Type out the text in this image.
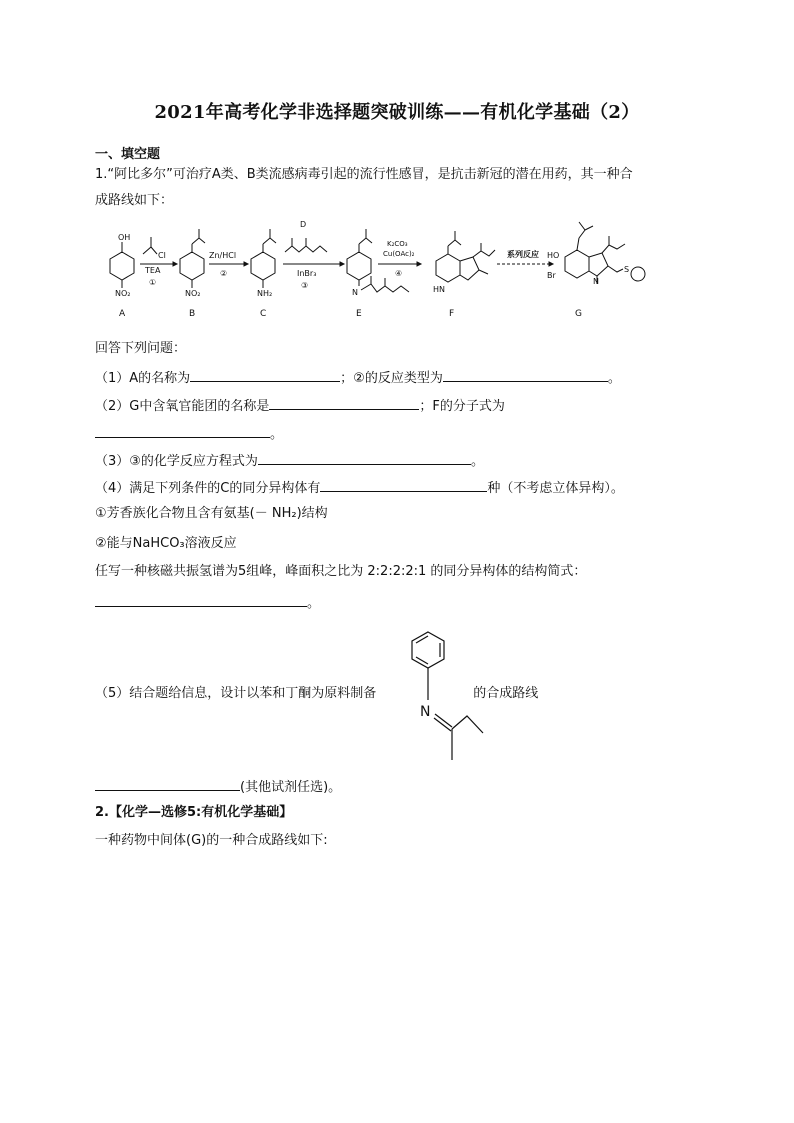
2021年高考化学非选择题突破训练——有机化学基础（2）
一、填空题
1.“阿比多尔”可治疗A类、B类流感病毒引起的流行性感冒，是抗击新冠的潜在用药，其一种合
成路线如下：
OH
NO₂
A
Cl
TEA
①
NO₂
B
Zn/HCl
②
NH₂
C
D
InBr₃
③
N
E
K₂CO₃
Cu(OAc)₂
④
HN
F
系列反应 HO
Br
N
S
G
回答下列问题：
（1）A的名称为	；②的反应类型为	。
（2）G中含氧官能团的名称是	；F的分子式为
。
（3）③的化学反应方程式为	。
（4）满足下列条件的C的同分异构体有	种（不考虑立体异构）。
①芳香族化合物且含有氨基(－ NH₂)结构
②能与NaHCO₃溶液反应
任写一种核磁共振氢谱为5组峰，峰面积之比为 2:2:2:2:1 的同分异构体的结构简式：
。
N
（5）结合题给信息，设计以苯和丁酮为原料制备	的合成路线
(其他试剂任选)。
2.【化学—选修5:有机化学基础】
一种药物中间体(G)的一种合成路线如下:
